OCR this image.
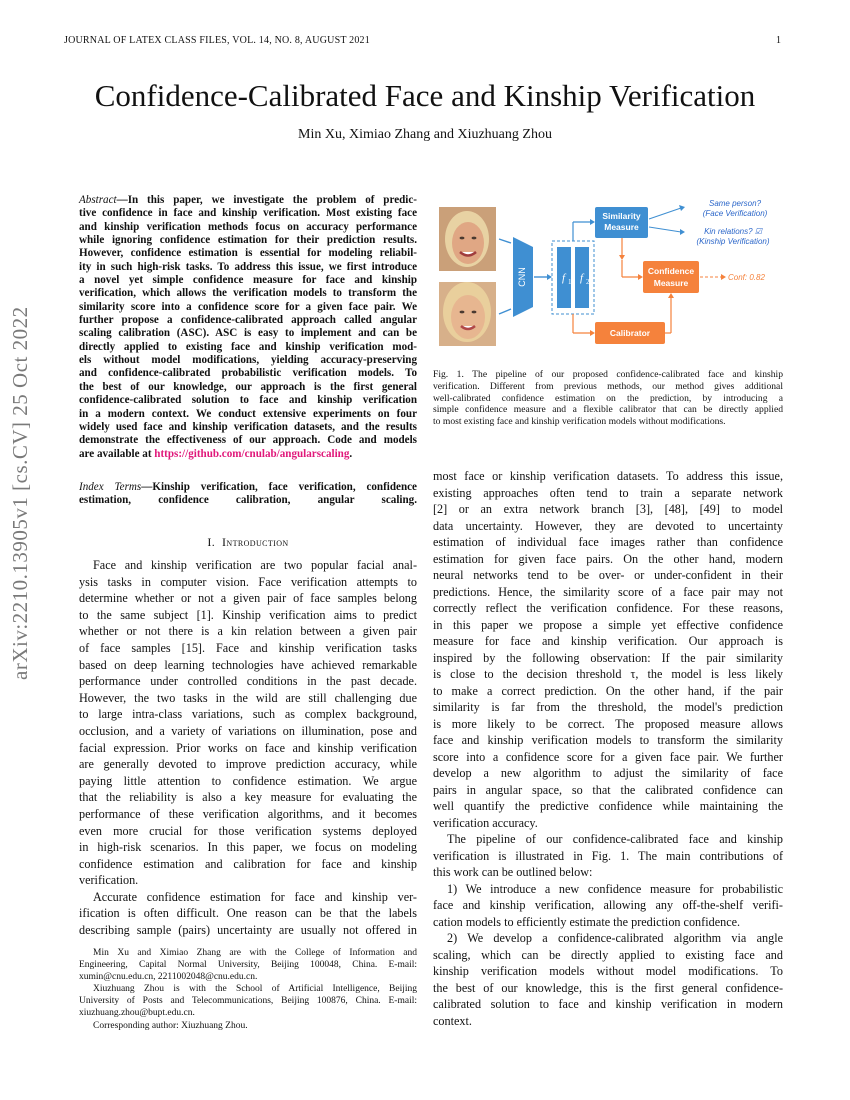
JOURNAL OF LATEX CLASS FILES, VOL. 14, NO. 8, AUGUST 2021	1
Confidence-Calibrated Face and Kinship Verification
Min Xu, Ximiao Zhang and Xiuzhuang Zhou
arXiv:2210.13905v1 [cs.CV] 25 Oct 2022
Abstract—In this paper, we investigate the problem of predic-
tive confidence in face and kinship verification. Most existing face
and kinship verification methods focus on accuracy performance
while ignoring confidence estimation for their prediction results.
However, confidence estimation is essential for modeling reliabil-
ity in such high-risk tasks. To address this issue, we first introduce
a novel yet simple confidence measure for face and kinship
verification, which allows the verification models to transform the
similarity score into a confidence score for a given face pair. We
further propose a confidence-calibrated approach called angular
scaling calibration (ASC). ASC is easy to implement and can be
directly applied to existing face and kinship verification mod-
els without model modifications, yielding accuracy-preserving
and confidence-calibrated probabilistic verification models. To
the best of our knowledge, our approach is the first general
confidence-calibrated solution to face and kinship verification
in a modern context. We conduct extensive experiments on four
widely used face and kinship verification datasets, and the results
demonstrate the effectiveness of our approach. Code and models
are available at https://github.com/cnulab/angularscaling.
Index Terms—Kinship verification, face verification, confidence
estimation, confidence calibration, angular scaling.
I. Introduction
Face and kinship verification are two popular facial anal-
ysis tasks in computer vision. Face verification attempts to
determine whether or not a given pair of face samples belong
to the same subject [1]. Kinship verification aims to predict
whether or not there is a kin relation between a given pair
of face samples [15]. Face and kinship verification tasks
based on deep learning technologies have achieved remarkable
performance under controlled conditions in the past decade.
However, the two tasks in the wild are still challenging due
to large intra-class variations, such as complex background,
occlusion, and a variety of variations on illumination, pose and
facial expression. Prior works on face and kinship verification
are generally devoted to improve prediction accuracy, while
paying little attention to confidence estimation. We argue
that the reliability is also a key measure for evaluating the
performance of these verification algorithms, and it becomes
even more crucial for those verification systems deployed
in high-risk scenarios. In this paper, we focus on modeling
confidence estimation and calibration for face and kinship
verification.
Accurate confidence estimation for face and kinship ver-
ification is often difficult. One reason can be that the labels
describing sample (pairs) uncertainty are usually not offered in
Min Xu and Ximiao Zhang are with the College of Information and
Engineering, Capital Normal University, Beijing 100048, China. E-mail:
xumin@cnu.edu.cn, 2211002048@cnu.edu.cn.
Xiuzhuang Zhou is with the School of Artificial Intelligence, Beijing
University of Posts and Telecommunications, Beijing 100876, China. E-mail:
xiuzhuang.zhou@bupt.edu.cn.
Corresponding author: Xiuzhuang Zhou.
CNN	f 1 f 2
Similarity
Measure
Same person?
(Face Verification)
Kin relations? ☑
(Kinship Verification)
Confidence
Measure
Conf: 0.82
Calibrator
Fig. 1. The pipeline of our proposed confidence-calibrated face and kinship
verification. Different from previous methods, our method gives additional
well-calibrated confidence estimation on the prediction, by introducing a
simple confidence measure and a flexible calibrator that can be directly applied
to most existing face and kinship verification models without modifications.
most face or kinship verification datasets. To address this issue,
existing approaches often tend to train a separate network
[2] or an extra network branch [3], [48], [49] to model
data uncertainty. However, they are devoted to uncertainty
estimation of individual face images rather than confidence
estimation for given face pairs. On the other hand, modern
neural networks tend to be over- or under-confident in their
predictions. Hence, the similarity score of a face pair may not
correctly reflect the verification confidence. For these reasons,
in this paper we propose a simple yet effective confidence
measure for face and kinship verification. Our approach is
inspired by the following observation: If the pair similarity
is close to the decision threshold τ, the model is less likely
to make a correct prediction. On the other hand, if the pair
similarity is far from the threshold, the model's prediction
is more likely to be correct. The proposed measure allows
face and kinship verification models to transform the similarity
score into a confidence score for a given face pair. We further
develop a new algorithm to adjust the similarity of face
pairs in angular space, so that the calibrated confidence can
well quantify the predictive confidence while maintaining the
verification accuracy.
The pipeline of our confidence-calibrated face and kinship
verification is illustrated in Fig. 1. The main contributions of
this work can be outlined below:
1) We introduce a new confidence measure for probabilistic
face and kinship verification, allowing any off-the-shelf verifi-
cation models to efficiently estimate the prediction confidence.
2) We develop a confidence-calibrated algorithm via angle
scaling, which can be directly applied to existing face and
kinship verification models without model modifications. To
the best of our knowledge, this is the first general confidence-
calibrated solution to face and kinship verification in modern
context.
